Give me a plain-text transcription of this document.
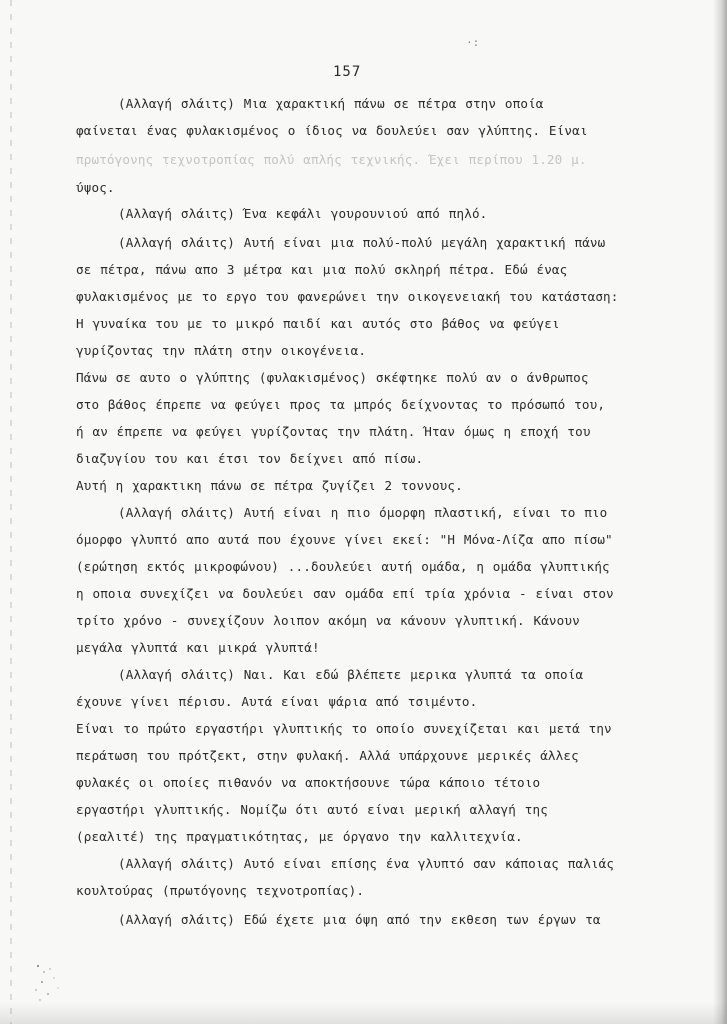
·:
157
(Αλλαγή σλάιτς) Μια χαρακτική πάνω σε πέτρα στην οποία
φαίνεται ένας φυλακισμένος ο ίδιος να δουλεύει σαν γλύπτης. Είναι
πρωτόγονης τεχνοτροπίας πολύ απλής τεχνικής. Έχει περίπου 1.20 μ.
ύψος.
(Αλλαγή σλάιτς) Ένα κεφάλι γουρουνιού από πηλό.
(Αλλαγή σλάιτς) Αυτή είναι μια πολύ-πολύ μεγάλη χαρακτική πάνω
σε πέτρα, πάνω απο 3 μέτρα και μια πολύ σκληρή πέτρα. Εδώ ένας
φυλακισμένος με το εργο του φανερώνει την οικογενειακή του κατάσταση:
Η γυναίκα του με το μικρό παιδί και αυτός στο βάθος να φεύγει
γυρίζοντας την πλάτη στην οικογένεια.
Πάνω σε αυτο ο γλύπτης (φυλακισμένος) σκέφτηκε πολύ αν ο άνθρωπος
στο βάθος έπρεπε να φεύγει προς τα μπρός δείχνοντας το πρόσωπό του,
ή αν έπρεπε να φεύγει γυρίζοντας την πλάτη. Ήταν όμως η εποχή του
διαζυγίου του και έτσι τον δείχνει από πίσω.
Αυτή η χαρακτικη πάνω σε πέτρα ζυγίζει 2 τοννους.
(Αλλαγή σλάιτς) Αυτή είναι η πιο όμορφη πλαστική, είναι το πιο
όμορφο γλυπτό απο αυτά που έχουνε γίνει εκεί: "Η Μόνα-Λίζα απο πίσω"
(ερώτηση εκτός μικροφώνου) ...δουλεύει αυτή ομάδα, η ομάδα γλυπτικής
η οποια συνεχίζει να δουλεύει σαν ομάδα επί τρία χρόνια - είναι στον
τρίτο χρόνο - συνεχίζουν λοιπον ακόμη να κάνουν γλυπτική. Κάνουν
μεγάλα γλυπτά και μικρά γλυπτά!
(Αλλαγή σλάιτς) Ναι. Και εδώ βλέπετε μερικα γλυπτά τα οποία
έχουνε γίνει πέρισυ. Αυτά είναι ψάρια από τσιμέντο.
Είναι το πρώτο εργαστήρι γλυπτικής το οποίο συνεχίζεται και μετά την
περάτωση του πρότζεκτ, στην φυλακή. Αλλά υπάρχουνε μερικές άλλες
φυλακές οι οποίες πιθανόν να αποκτήσουνε τώρα κάποιο τέτοιο
εργαστήρι γλυπτικής. Νομίζω ότι αυτό είναι μερική αλλαγή της
(ρεαλιτέ) της πραγματικότητας, με όργανο την καλλιτεχνία.
(Αλλαγή σλάιτς) Αυτό είναι επίσης ένα γλυπτό σαν κάποιας παλιάς
κουλτούρας (πρωτόγονης τεχνοτροπίας).
(Αλλαγή σλάιτς) Εδώ έχετε μια όψη από την εκθεση των έργων τα
